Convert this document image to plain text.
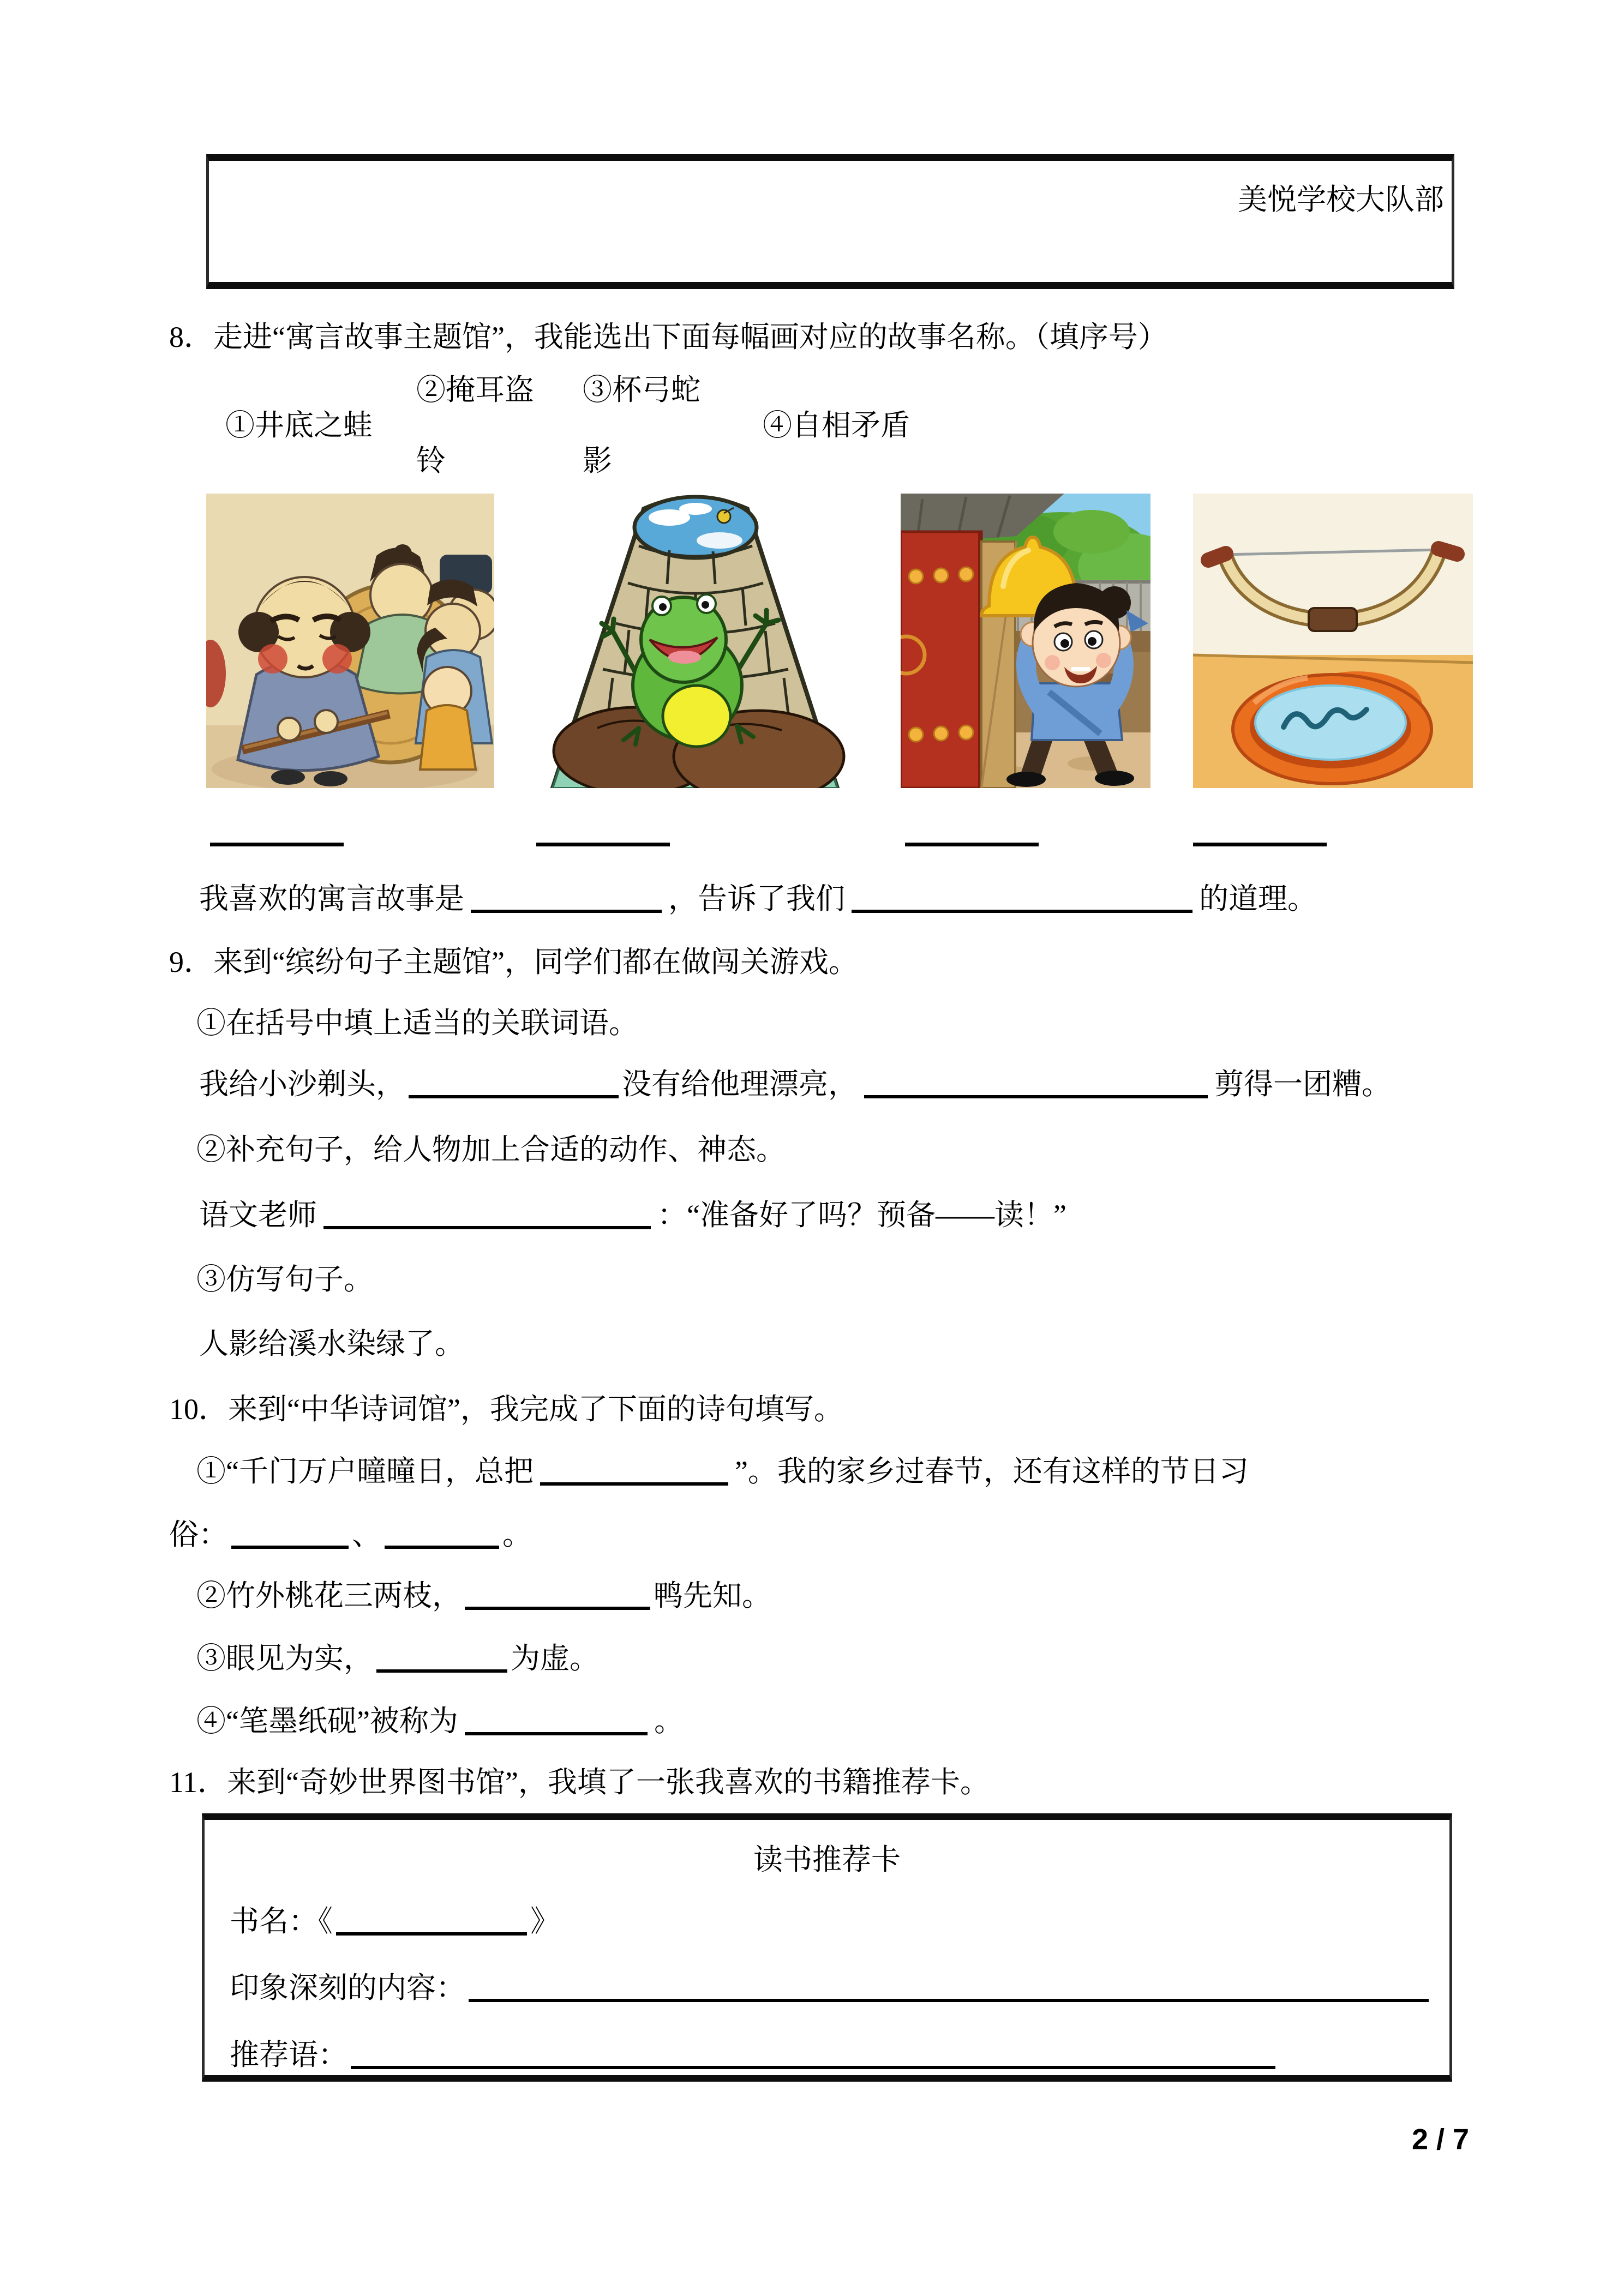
美悦学校大队部
8．走进“寓言故事主题馆”，我能选出下面每幅画对应的故事名称。（填序号）
①井底之蛙
②掩耳盗铃
③杯弓蛇影
④自相矛盾
我喜欢的寓言故事是	，告诉了我们	的道理。
9．来到“缤纷句子主题馆”，同学们都在做闯关游戏。
①在括号中填上适当的关联词语。
我给小沙剃头，	没有给他理漂亮，	剪得一团糟。
②补充句子，给人物加上合适的动作、神态。
语文老师	：“准备好了吗？预备——读！”
③仿写句子。
人影给溪水染绿了。
10．来到“中华诗词馆”，我完成了下面的诗句填写。
①“千门万户曈曈日，总把	”。我的家乡过春节，还有这样的节日习
俗：	、	。
②竹外桃花三两枝，	鸭先知。
③眼见为实，	为虚。
④“笔墨纸砚”被称为	。
11．来到“奇妙世界图书馆”，我填了一张我喜欢的书籍推荐卡。
读书推荐卡
书名：《	》
印象深刻的内容：
推荐语：
2 / 7
